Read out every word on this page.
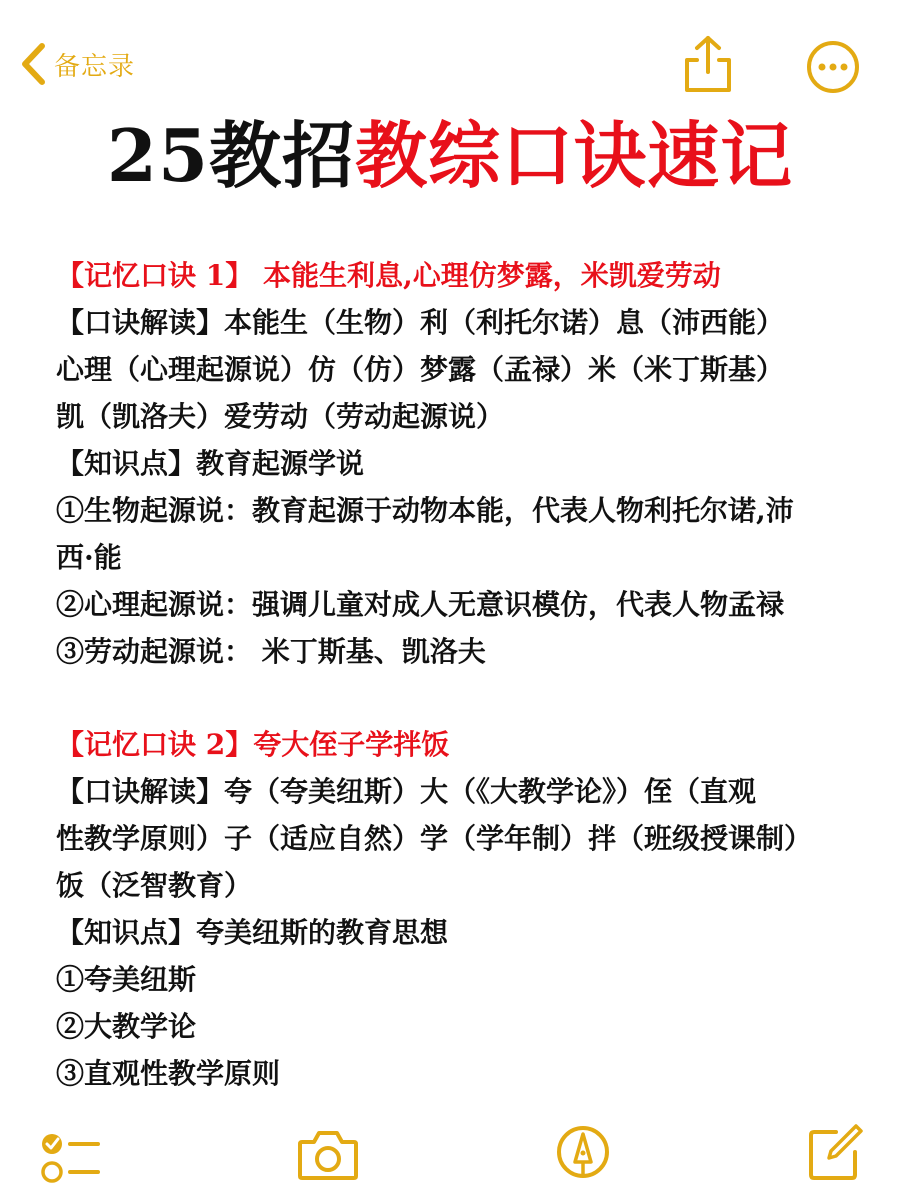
备忘录
25教招教综口诀速记
【记忆口诀 1】 本能生利息,心理仿梦露，米凯爱劳动
【口诀解读】本能生（生物）利（利托尔诺）息（沛西能）
心理（心理起源说）仿（仿）梦露（孟禄）米（米丁斯基）
凯（凯洛夫）爱劳动（劳动起源说）
【知识点】教育起源学说
①生物起源说：教育起源于动物本能，代表人物利托尔诺,沛
西·能
②心理起源说：强调儿童对成人无意识模仿，代表人物孟禄
③劳动起源说： 米丁斯基、凯洛夫
【记忆口诀 2】夸大侄子学拌饭
【口诀解读】夸（夸美纽斯）大（《大教学论》）侄（直观
性教学原则）子（适应自然）学（学年制）拌（班级授课制）
饭（泛智教育）
【知识点】夸美纽斯的教育思想
①夸美纽斯
②大教学论
③直观性教学原则
